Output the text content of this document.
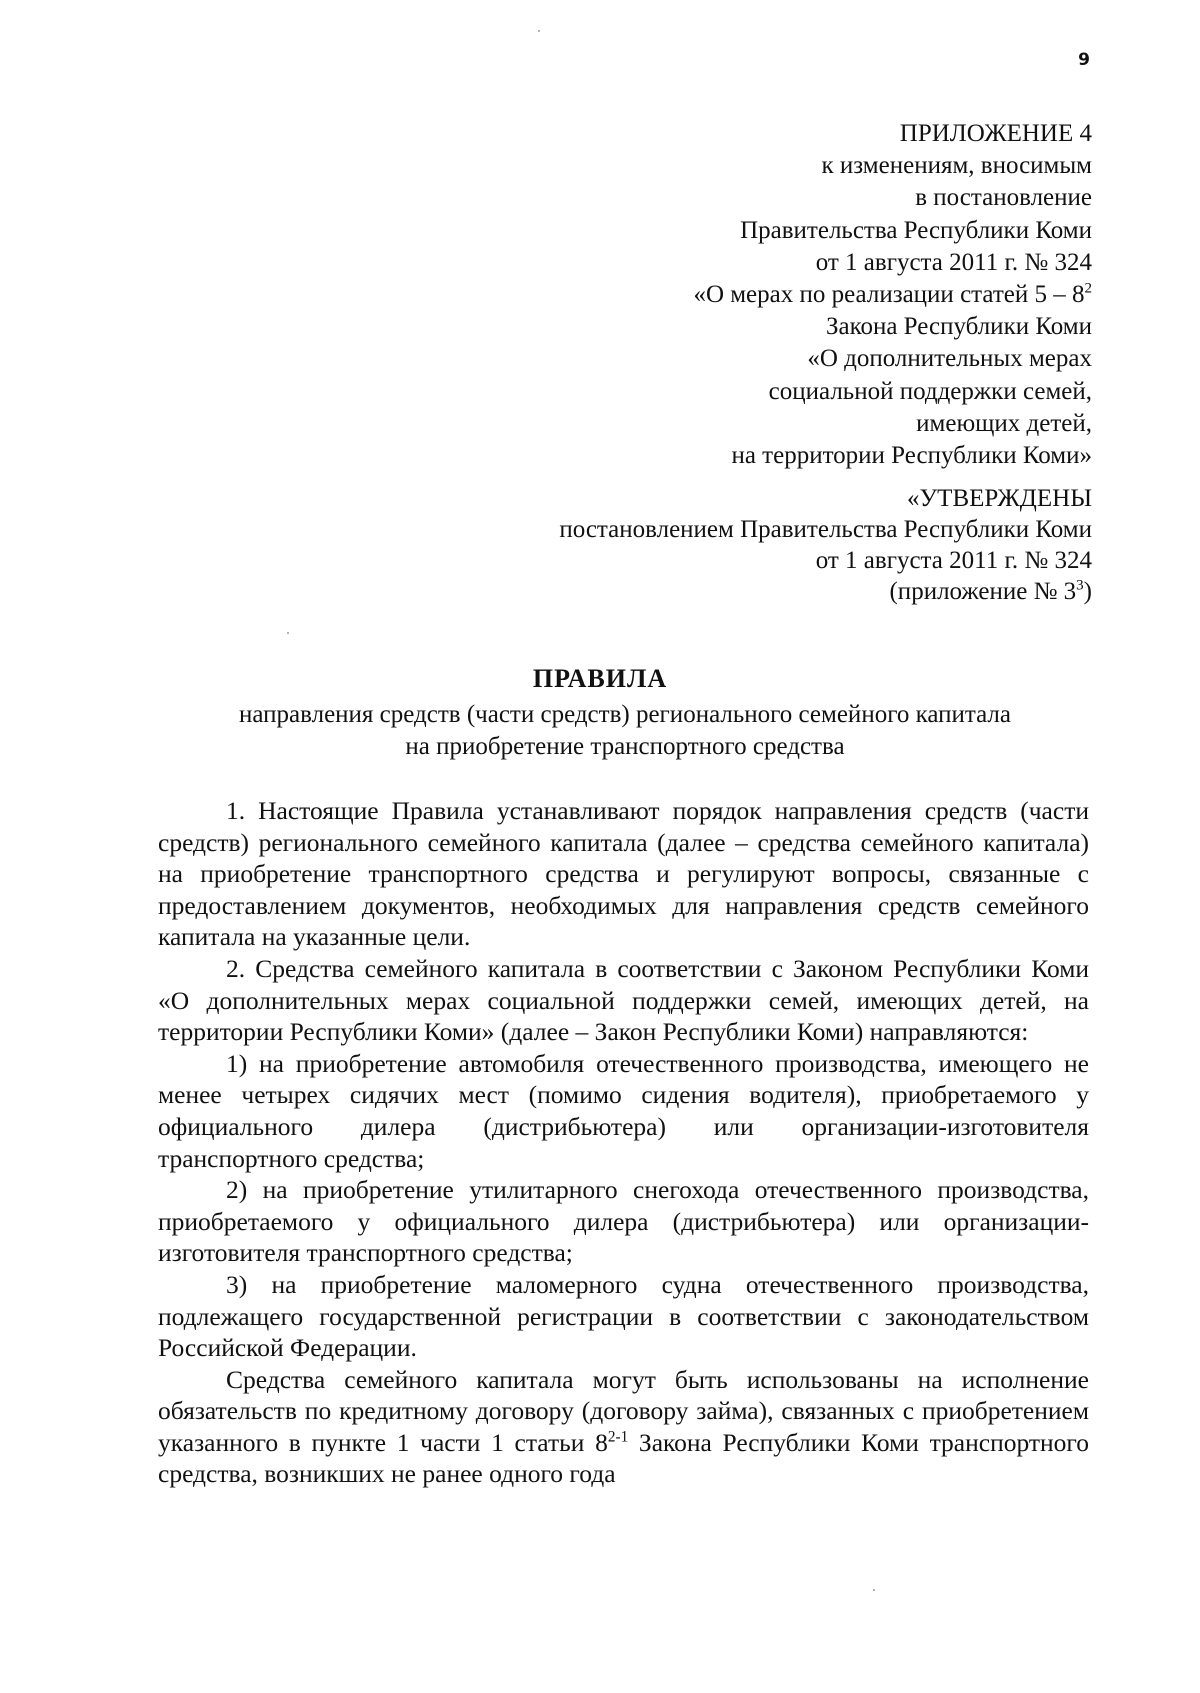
9
ПРИЛОЖЕНИЕ 4
к изменениям, вносимым
в постановление
Правительства Республики Коми
от 1 августа 2011 г. № 324
«О мерах по реализации статей $5 - 8^2$
Закона Республики Коми
«О дополнительных мерах
социальной поддержки семей,
имеющих детей,
на территории Республики Коми»
«УТВЕРЖДЕНЫ
постановлением Правительства Республики Коми
от 1 августа 2011 г. № 324
(приложение № $3^3$)
ПРАВИЛА
направления средств (части средств) регионального семейного капитала
на приобретение транспортного средства

1. Настоящие Правила устанавливают порядок направления средств (части средств) регионального семейного капитала (далее – средства семейного капитала) на приобретение транспортного средства и регулируют вопросы, связанные с предоставлением документов, необходимых для направления средств семейного капитала на указанные цели.

2. Средства семейного капитала в соответствии с Законом Республики Коми «О дополнительных мерах социальной поддержки семей, имеющих детей, на территории Республики Коми» (далее – Закон Республики Коми) направляются:

1) на приобретение автомобиля отечественного производства, имеющего не менее четырех сидячих мест (помимо сидения водителя), приобретаемого у официального дилера (дистрибьютера) или организации-изготовителя транспортного средства;

2) на приобретение утилитарного снегохода отечественного производства, приобретаемого у официального дилера (дистрибьютера) или организации-изготовителя транспортного средства;

3) на приобретение маломерного судна отечественного производства, подлежащего государственной регистрации в соответствии с законодательством Российской Федерации.

Средства семейного капитала могут быть использованы на исполнение обязательств по кредитному договору (договору займа), связанных с приобретением указанного в пункте 1 части 1 статьи 8$^{2-1}$ Закона Республики Коми транспортного средства, возникших не ранее одного года
